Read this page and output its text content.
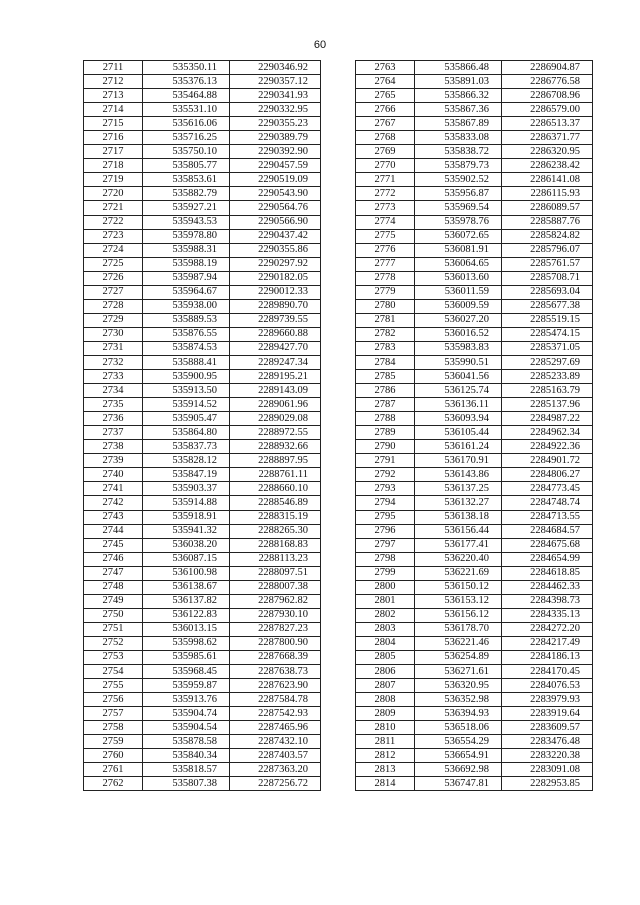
60
2711	535350.11	2290346.92
2712	535376.13	2290357.12
2713	535464.88	2290341.93
2714	535531.10	2290332.95
2715	535616.06	2290355.23
2716	535716.25	2290389.79
2717	535750.10	2290392.90
2718	535805.77	2290457.59
2719	535853.61	2290519.09
2720	535882.79	2290543.90
2721	535927.21	2290564.76
2722	535943.53	2290566.90
2723	535978.80	2290437.42
2724	535988.31	2290355.86
2725	535988.19	2290297.92
2726	535987.94	2290182.05
2727	535964.67	2290012.33
2728	535938.00	2289890.70
2729	535889.53	2289739.55
2730	535876.55	2289660.88
2731	535874.53	2289427.70
2732	535888.41	2289247.34
2733	535900.95	2289195.21
2734	535913.50	2289143.09
2735	535914.52	2289061.96
2736	535905.47	2289029.08
2737	535864.80	2288972.55
2738	535837.73	2288932.66
2739	535828.12	2288897.95
2740	535847.19	2288761.11
2741	535903.37	2288660.10
2742	535914.88	2288546.89
2743	535918.91	2288315.19
2744	535941.32	2288265.30
2745	536038.20	2288168.83
2746	536087.15	2288113.23
2747	536100.98	2288097.51
2748	536138.67	2288007.38
2749	536137.82	2287962.82
2750	536122.83	2287930.10
2751	536013.15	2287827.23
2752	535998.62	2287800.90
2753	535985.61	2287668.39
2754	535968.45	2287638.73
2755	535959.87	2287623.90
2756	535913.76	2287584.78
2757	535904.74	2287542.93
2758	535904.54	2287465.96
2759	535878.58	2287432.10
2760	535840.34	2287403.57
2761	535818.57	2287363.20
2762	535807.38	2287256.72
2763	535866.48	2286904.87
2764	535891.03	2286776.58
2765	535866.32	2286708.96
2766	535867.36	2286579.00
2767	535867.89	2286513.37
2768	535833.08	2286371.77
2769	535838.72	2286320.95
2770	535879.73	2286238.42
2771	535902.52	2286141.08
2772	535956.87	2286115.93
2773	535969.54	2286089.57
2774	535978.76	2285887.76
2775	536072.65	2285824.82
2776	536081.91	2285796.07
2777	536064.65	2285761.57
2778	536013.60	2285708.71
2779	536011.59	2285693.04
2780	536009.59	2285677.38
2781	536027.20	2285519.15
2782	536016.52	2285474.15
2783	535983.83	2285371.05
2784	535990.51	2285297.69
2785	536041.56	2285233.89
2786	536125.74	2285163.79
2787	536136.11	2285137.96
2788	536093.94	2284987.22
2789	536105.44	2284962.34
2790	536161.24	2284922.36
2791	536170.91	2284901.72
2792	536143.86	2284806.27
2793	536137.25	2284773.45
2794	536132.27	2284748.74
2795	536138.18	2284713.55
2796	536156.44	2284684.57
2797	536177.41	2284675.68
2798	536220.40	2284654.99
2799	536221.69	2284618.85
2800	536150.12	2284462.33
2801	536153.12	2284398.73
2802	536156.12	2284335.13
2803	536178.70	2284272.20
2804	536221.46	2284217.49
2805	536254.89	2284186.13
2806	536271.61	2284170.45
2807	536320.95	2284076.53
2808	536352.98	2283979.93
2809	536394.93	2283919.64
2810	536518.06	2283609.57
2811	536554.29	2283476.48
2812	536654.91	2283220.38
2813	536692.98	2283091.08
2814	536747.81	2282953.85
